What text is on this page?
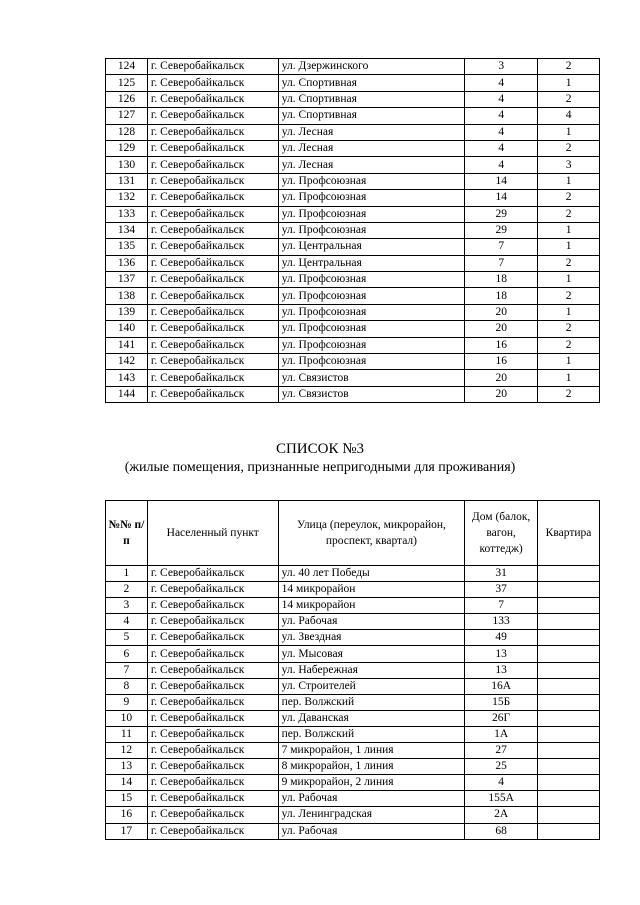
124	г. Северобайкальск	ул. Дзержинского	3	2
125	г. Северобайкальск	ул. Спортивная	4	1
126	г. Северобайкальск	ул. Спортивная	4	2
127	г. Северобайкальск	ул. Спортивная	4	4
128	г. Северобайкальск	ул. Лесная	4	1
129	г. Северобайкальск	ул. Лесная	4	2
130	г. Северобайкальск	ул. Лесная	4	3
131	г. Северобайкальск	ул. Профсоюзная	14	1
132	г. Северобайкальск	ул. Профсоюзная	14	2
133	г. Северобайкальск	ул. Профсоюзная	29	2
134	г. Северобайкальск	ул. Профсоюзная	29	1
135	г. Северобайкальск	ул. Центральная	7	1
136	г. Северобайкальск	ул. Центральная	7	2
137	г. Северобайкальск	ул. Профсоюзная	18	1
138	г. Северобайкальск	ул. Профсоюзная	18	2
139	г. Северобайкальск	ул. Профсоюзная	20	1
140	г. Северобайкальск	ул. Профсоюзная	20	2
141	г. Северобайкальск	ул. Профсоюзная	16	2
142	г. Северобайкальск	ул. Профсоюзная	16	1
143	г. Северобайкальск	ул. Связистов	20	1
144	г. Северобайкальск	ул. Связистов	20	2
СПИСОК №3
(жилые помещения, признанные непригодными для проживания)
№№ п/п	Населенный пункт	Улица (переулок, микрорайон, проспект, квартал)	Дом (балок, вагон, коттедж)	Квартира
1	г. Северобайкальск	ул. 40 лет Победы	31	
2	г. Северобайкальск	14 микрорайон	37	
3	г. Северобайкальск	14 микрорайон	7	
4	г. Северобайкальск	ул. Рабочая	133	
5	г. Северобайкальск	ул. Звездная	49	
6	г. Северобайкальск	ул. Мысовая	13	
7	г. Северобайкальск	ул. Набережная	13	
8	г. Северобайкальск	ул. Строителей	16А	
9	г. Северобайкальск	пер. Волжский	15Б	
10	г. Северобайкальск	ул. Даванская	26Г	
11	г. Северобайкальск	пер. Волжский	1А	
12	г. Северобайкальск	7 микрорайон, 1 линия	27	
13	г. Северобайкальск	8 микрорайон, 1 линия	25	
14	г. Северобайкальск	9 микрорайон, 2 линия	4	
15	г. Северобайкальск	ул. Рабочая	155А	
16	г. Северобайкальск	ул. Ленинградская	2А	
17	г. Северобайкальск	ул. Рабочая	68	
